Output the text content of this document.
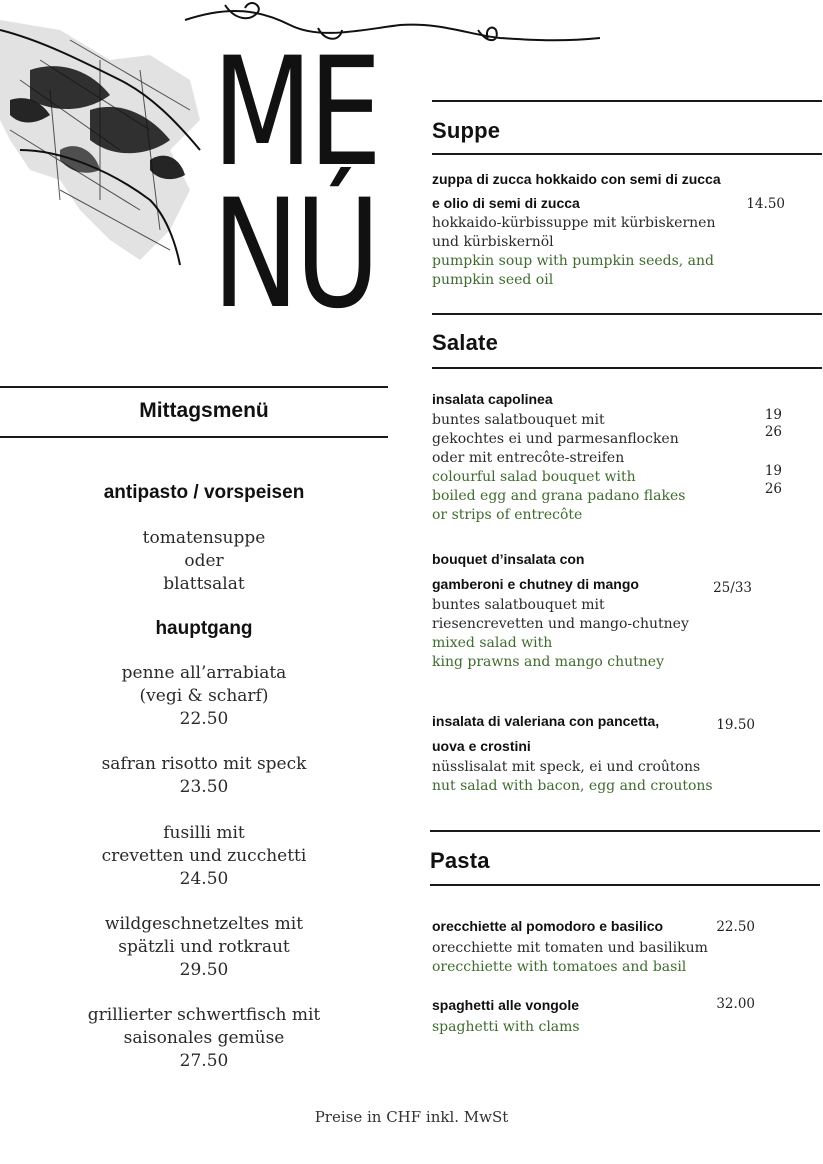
ME
NÚ
Mittagsmenü
antipasto / vorspeisen
tomatensuppe
oder
blattsalat
hauptgang
penne all’arrabiata
(vegi & scharf)
22.50
safran risotto mit speck
23.50
fusilli mit
crevetten und zucchetti
24.50
wildgeschnetzeltes mit
spätzli und rotkraut
29.50
grillierter schwertfisch mit
saisonales gemüse
27.50
Suppe
zuppa di zucca hokkaido con semi di zucca
e olio di semi di zucca	14.50
hokkaido-kürbissuppe mit kürbiskernen
und kürbiskernöl
pumpkin soup with pumpkin seeds, and
pumpkin seed oil
Salate
insalata capolinea
buntes salatbouquet mit
gekochtes ei und parmesanflocken
oder mit entrecôte-streifen
colourful salad bouquet with
boiled egg and grana padano flakes
or strips of entrecôte
19
26
19
26
bouquet d’insalata con
gamberoni e chutney di mango	25/33
buntes salatbouquet mit
riesencrevetten und mango-chutney
mixed salad with
king prawns and mango chutney
insalata di valeriana con pancetta,
uova e crostini
19.50
nüsslisalat mit speck, ei und croûtons
nut salad with bacon, egg and croutons
Pasta
orecchiette al pomodoro e basilico	22.50
orecchiette mit tomaten und basilikum
orecchiette with tomatoes and basil
spaghetti alle vongole	32.00
spaghetti with clams
Preise in CHF inkl. MwSt
